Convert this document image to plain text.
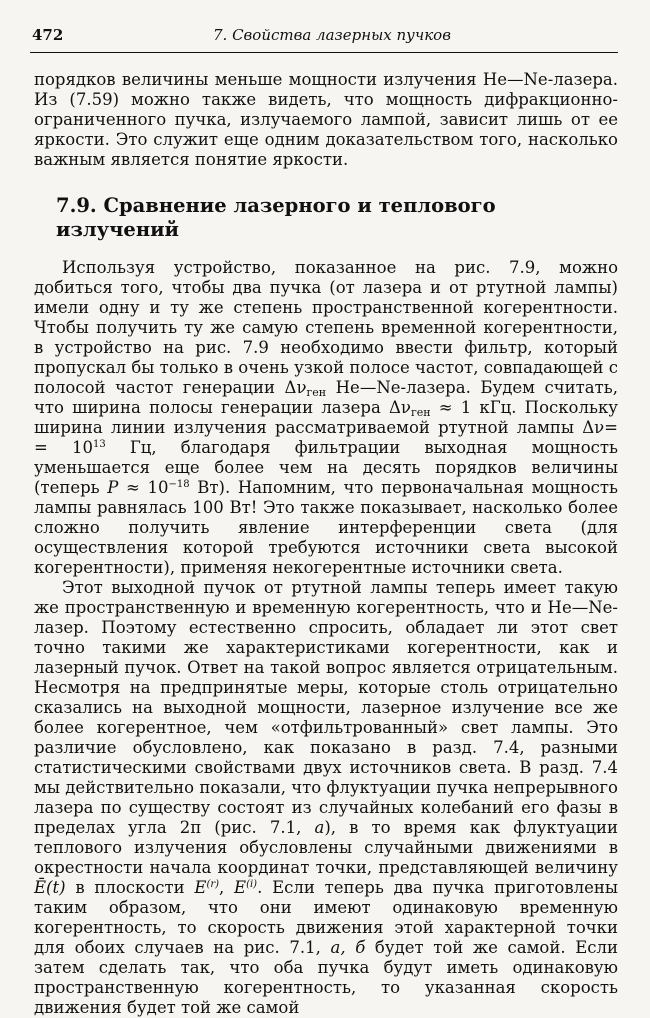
472	7. Свойства лазерных пучков

порядков величины меньше мощности излучения He—Ne-лазера. Из (7.59) можно также видеть, что мощность дифракционно-ограниченного пучка, излучаемого лампой, зависит лишь от ее яркости. Это служит еще одним доказательством того, насколько важным является понятие яркости.

7.9. Сравнение лазерного и теплового излучений

Используя устройство, показанное на рис. 7.9, можно добиться того, чтобы два пучка (от лазера и от ртутной лампы) имели одну и ту же степень пространственной когерентности. Чтобы получить ту же самую степень временной когерентности, в устройство на рис. 7.9 необходимо ввести фильтр, который пропускал бы только в очень узкой полосе частот, совпадающей с полосой частот генерации $\Delta\nu_{ген}$ He—Ne-лазера. Будем считать, что ширина полосы генерации лазера $\Delta\nu_{ген} \approx 1$ кГц. Поскольку ширина линии излучения рассматриваемой ртутной лампы $\Delta\nu= = 10^{13}$ Гц, благодаря фильтрации выходная мощность уменьшается еще более чем на десять порядков величины (теперь $P \approx 10^{-18}$ Вт). Напомним, что первоначальная мощность лампы равнялась 100 Вт! Это также показывает, насколько более сложно получить явление интерференции света (для осуществления которой требуются источники света высокой когерентности), применяя некогерентные источники света.

Этот выходной пучок от ртутной лампы теперь имеет такую же пространственную и временную когерентность, что и He—Ne-лазер. Поэтому естественно спросить, обладает ли этот свет точно такими же характеристиками когерентности, как и лазерный пучок. Ответ на такой вопрос является отрицательным. Несмотря на предпринятые меры, которые столь отрицательно сказались на выходной мощности, лазерное излучение все же более когерентное, чем «отфильтрованный» свет лампы. Это различие обусловлено, как показано в разд. 7.4, разными статистическими свойствами двух источников света. В разд. 7.4 мы действительно показали, что флуктуации пучка непрерывного лазера по существу состоят из случайных колебаний его фазы в пределах угла 2π (рис. 7.1, а), в то время как флуктуации теплового излучения обусловлены случайными движениями в окрестности начала координат точки, представляющей величину Ē(t) в плоскости $E^{(r)}$, $E^{(i)}$. Если теперь два пучка приготовлены таким образом, что они имеют одинаковую временную когерентность, то скорость движения этой характерной точки для обоих случаев на рис. 7.1, а, б будет той же самой. Если затем сделать так, что оба пучка будут иметь одинаковую пространственную когерентность, то указанная скорость движения будет той же самой
